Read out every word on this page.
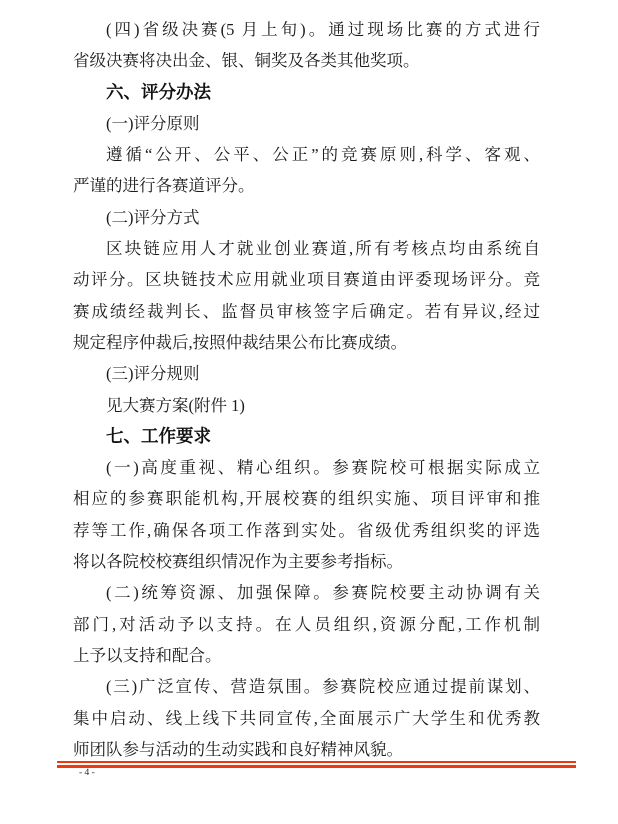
(四)省级决赛(5 月上旬)。通过现场比赛的方式进行
省级决赛将决出金、银、铜奖及各类其他奖项。
六、评分办法
(一)评分原则
遵循“公开、公平、公正”的竞赛原则,科学、客观、
严谨的进行各赛道评分。
(二)评分方式
区块链应用人才就业创业赛道,所有考核点均由系统自
动评分。区块链技术应用就业项目赛道由评委现场评分。竞
赛成绩经裁判长、监督员审核签字后确定。若有异议,经过
规定程序仲裁后,按照仲裁结果公布比赛成绩。
(三)评分规则
见大赛方案(附件 1)
七、工作要求
(一)高度重视、精心组织。参赛院校可根据实际成立
相应的参赛职能机构,开展校赛的组织实施、项目评审和推
荐等工作,确保各项工作落到实处。省级优秀组织奖的评选
将以各院校校赛组织情况作为主要参考指标。
(二)统筹资源、加强保障。参赛院校要主动协调有关
部门,对活动予以支持。在人员组织,资源分配,工作机制
上予以支持和配合。
(三)广泛宣传、营造氛围。参赛院校应通过提前谋划、
集中启动、线上线下共同宣传,全面展示广大学生和优秀教
师团队参与活动的生动实践和良好精神风貌。
- 4 -
